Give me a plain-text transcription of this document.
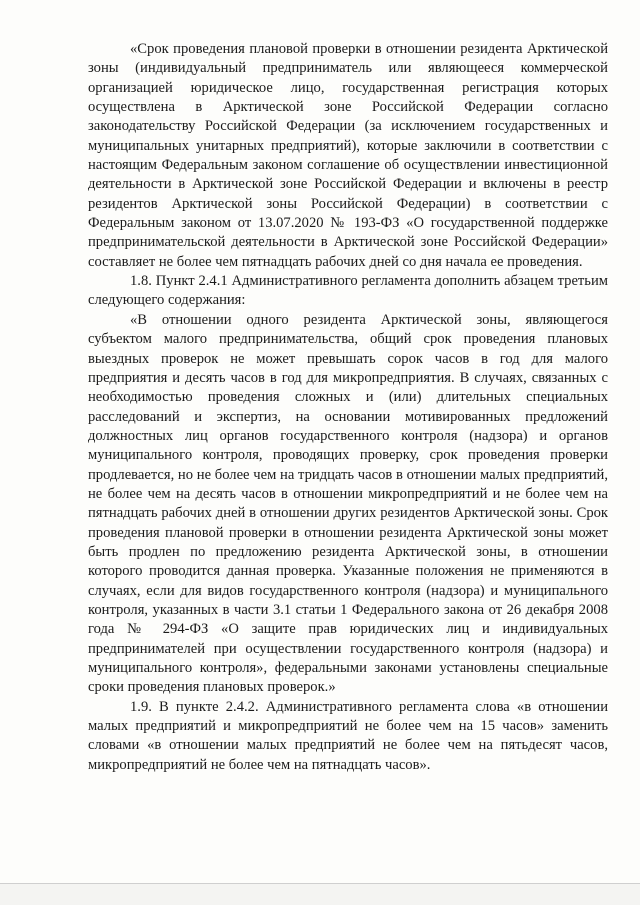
«Срок проведения плановой проверки в отношении резидента Арктической зоны (индивидуальный предприниматель или являющееся коммерческой организацией юридическое лицо, государственная регистрация которых осуществлена в Арктической зоне Российской Федерации согласно законодательству Российской Федерации (за исключением государственных и муниципальных унитарных предприятий), которые заключили в соответствии с настоящим Федеральным законом соглашение об осуществлении инвестиционной деятельности в Арктической зоне Российской Федерации и включены в реестр резидентов Арктической зоны Российской Федерации) в соответствии с Федеральным законом от 13.07.2020 № 193-ФЗ «О государственной поддержке предпринимательской деятельности в Арктической зоне Российской Федерации» составляет не более чем пятнадцать рабочих дней со дня начала ее проведения.

1.8. Пункт 2.4.1 Административного регламента дополнить абзацем третьим следующего содержания:

«В отношении одного резидента Арктической зоны, являющегося субъектом малого предпринимательства, общий срок проведения плановых выездных проверок не может превышать сорок часов в год для малого предприятия и десять часов в год для микропредприятия. В случаях, связанных с необходимостью проведения сложных и (или) длительных специальных расследований и экспертиз, на основании мотивированных предложений должностных лиц органов государственного контроля (надзора) и органов муниципального контроля, проводящих проверку, срок проведения проверки продлевается, но не более чем на тридцать часов в отношении малых предприятий, не более чем на десять часов в отношении микропредприятий и не более чем на пятнадцать рабочих дней в отношении других резидентов Арктической зоны. Срок проведения плановой проверки в отношении резидента Арктической зоны может быть продлен по предложению резидента Арктической зоны, в отношении которого проводится данная проверка. Указанные положения не применяются в случаях, если для видов государственного контроля (надзора) и муниципального контроля, указанных в части 3.1 статьи 1 Федерального закона от 26 декабря 2008 года № 294-ФЗ «О защите прав юридических лиц и индивидуальных предпринимателей при осуществлении государственного контроля (надзора) и муниципального контроля», федеральными законами установлены специальные сроки проведения плановых проверок.»

1.9. В пункте 2.4.2. Административного регламента слова «в отношении малых предприятий и микропредприятий не более чем на 15 часов» заменить словами «в отношении малых предприятий не более чем на пятьдесят часов, микропредприятий не более чем на пятнадцать часов».
